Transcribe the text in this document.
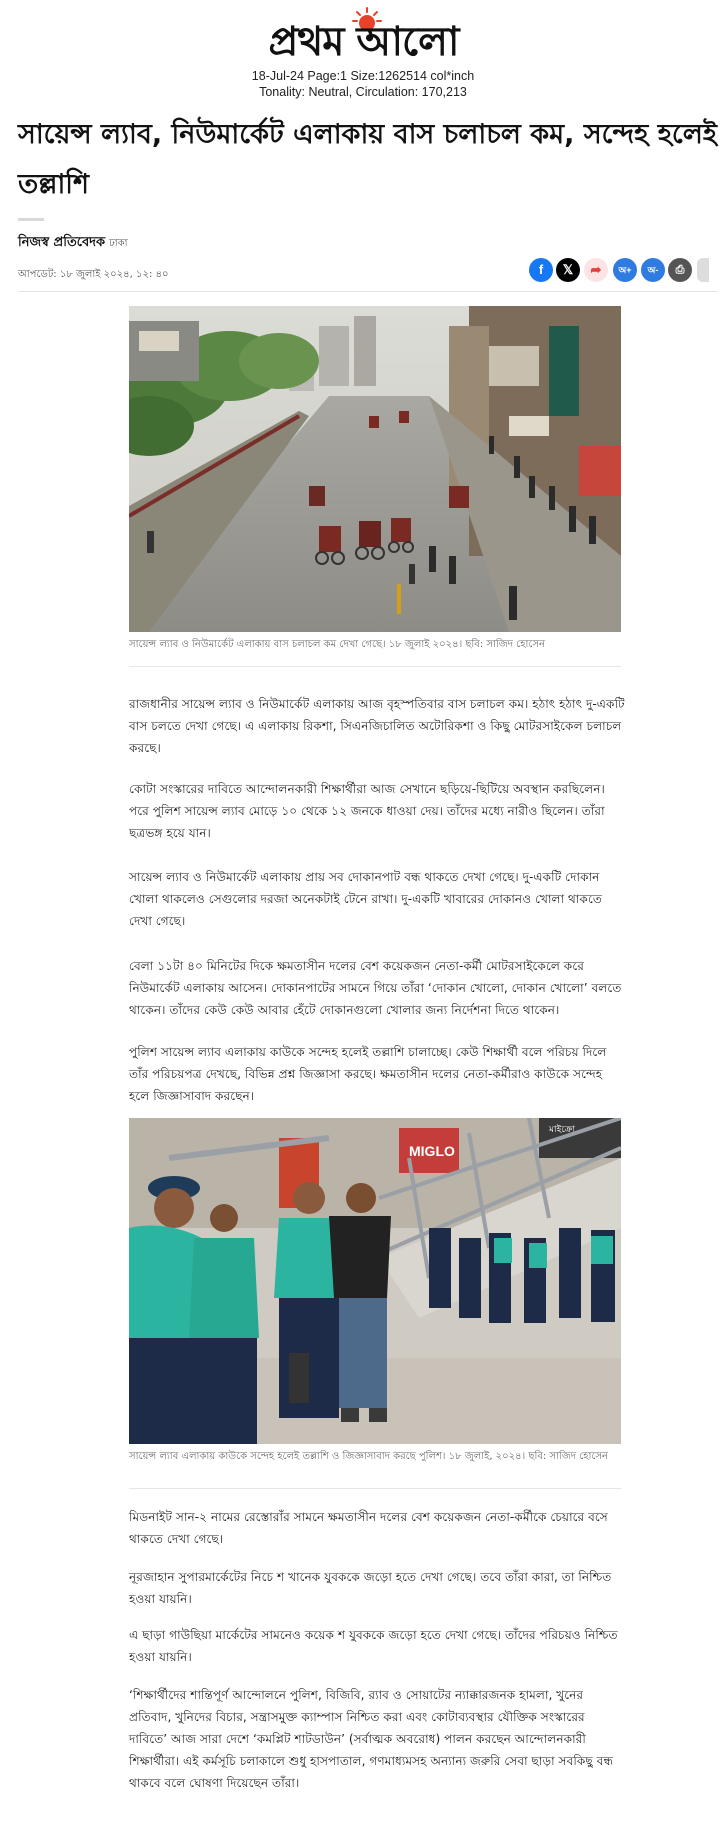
প্রথম আলো
18-Jul-24 Page:1 Size:1262514 col*inch
Tonality: Neutral, Circulation: 170,213
সায়েন্স ল্যাব, নিউমার্কেট এলাকায় বাস চলাচল কম, সন্দেহ হলেই তল্লাশি
নিজস্ব প্রতিবেদক ঢাকা
আপডেট: ১৮ জুলাই ২০২৪, ১২: ৪০	f	𝕏	➦	অ+	অ-	⎙
সায়েন্স ল্যাব ও নিউমার্কেট এলাকায় বাস চলাচল কম দেখা গেছে। ১৮ জুলাই ২০২৪। ছবি: সাজিদ হোসেন

রাজধানীর সায়েন্স ল্যাব ও নিউমার্কেট এলাকায় আজ বৃহস্পতিবার বাস চলাচল কম। হঠাৎ হঠাৎ দু-একটি বাস চলতে দেখা গেছে। এ এলাকায় রিকশা, সিএনজিচালিত অটোরিকশা ও কিছু মোটরসাইকেল চলাচল করছে।

কোটা সংস্কারের দাবিতে আন্দোলনকারী শিক্ষার্থীরা আজ সেখানে ছড়িয়ে-ছিটিয়ে অবস্থান করছিলেন। পরে পুলিশ সায়েন্স ল্যাব মোড়ে ১০ থেকে ১২ জনকে ধাওয়া দেয়। তাঁদের মধ্যে নারীও ছিলেন। তাঁরা ছত্রভঙ্গ হয়ে যান।

সায়েন্স ল্যাব ও নিউমার্কেট এলাকায় প্রায় সব দোকানপাট বন্ধ থাকতে দেখা গেছে। দু-একটি দোকান খোলা থাকলেও সেগুলোর দরজা অনেকটাই টেনে রাখা। দু-একটি খাবারের দোকানও খোলা থাকতে দেখা গেছে।

বেলা ১১টা ৪০ মিনিটের দিকে ক্ষমতাসীন দলের বেশ কয়েকজন নেতা-কর্মী মোটরসাইকেলে করে নিউমার্কেট এলাকায় আসেন। দোকানপাটের সামনে গিয়ে তাঁরা ‘দোকান খোলো, দোকান খোলো’ বলতে থাকেন। তাঁদের কেউ কেউ আবার হেঁটে দোকানগুলো খোলার জন্য নির্দেশনা দিতে থাকেন।

পুলিশ সায়েন্স ল্যাব এলাকায় কাউকে সন্দেহ হলেই তল্লাশি চালাচ্ছে। কেউ শিক্ষার্থী বলে পরিচয় দিলে তাঁর পরিচয়পত্র দেখছে, বিভিন্ন প্রশ্ন জিজ্ঞাসা করছে। ক্ষমতাসীন দলের নেতা-কর্মীরাও কাউকে সন্দেহ হলে জিজ্ঞাসাবাদ করছেন।

MIGLO
মাইক্রো
সায়েন্স ল্যাব এলাকায় কাউকে সন্দেহ হলেই তল্লাশি ও জিজ্ঞাসাবাদ করছে পুলিশ। ১৮ জুলাই, ২০২৪। ছবি: সাজিদ হোসেন

মিডনাইট সান-২ নামের রেস্তোরাঁর সামনে ক্ষমতাসীন দলের বেশ কয়েকজন নেতা-কর্মীকে চেয়ারে বসে থাকতে দেখা গেছে।

নূরজাহান সুপারমার্কেটের নিচে শ খানেক যুবককে জড়ো হতে দেখা গেছে। তবে তাঁরা কারা, তা নিশ্চিত হওয়া যায়নি।

এ ছাড়া গাউছিয়া মার্কেটের সামনেও কয়েক শ যুবককে জড়ো হতে দেখা গেছে। তাঁদের পরিচয়ও নিশ্চিত হওয়া যায়নি।

‘শিক্ষার্থীদের শান্তিপূর্ণ আন্দোলনে পুলিশ, বিজিবি, র‍্যাব ও সোয়াটের ন্যাক্কারজনক হামলা, খুনের প্রতিবাদ, খুনিদের বিচার, সন্ত্রাসমুক্ত ক্যাম্পাস নিশ্চিত করা এবং কোটাব্যবস্থার যৌক্তিক সংস্কারের দাবিতে’ আজ সারা দেশে ‘কমপ্লিট শাটডাউন’ (সর্বাত্মক অবরোধ) পালন করছেন আন্দোলনকারী শিক্ষার্থীরা। এই কর্মসূচি চলাকালে শুধু হাসপাতাল, গণমাধ্যমসহ অন্যান্য জরুরি সেবা ছাড়া সবকিছু বন্ধ থাকবে বলে ঘোষণা দিয়েছেন তাঁরা।
